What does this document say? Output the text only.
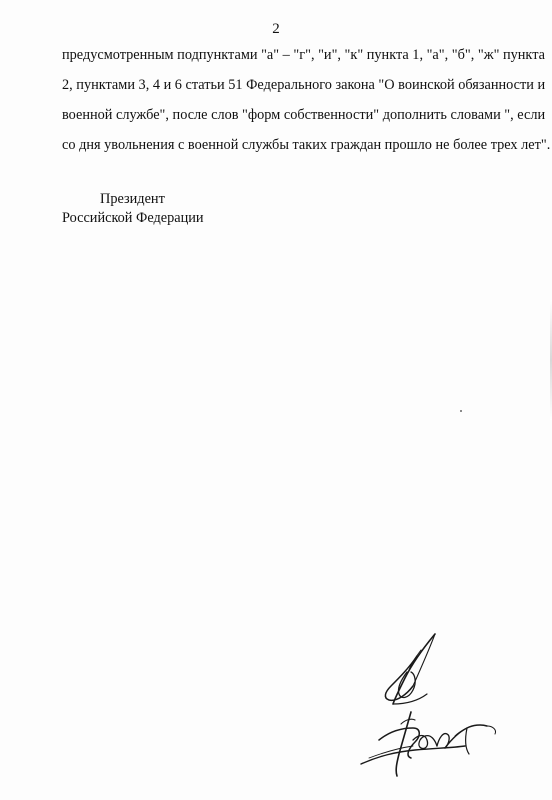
2
предусмотренным подпунктами "а" – "г", "и", "к" пункта 1, "а", "б", "ж" пункта
2, пунктами 3, 4 и 6 статьи 51 Федерального закона "О воинской обязанности и
военной службе", после слов "форм собственности" дополнить словами ", если
со дня увольнения с военной службы таких граждан прошло не более трех лет".
Президент
Российской Федерации
